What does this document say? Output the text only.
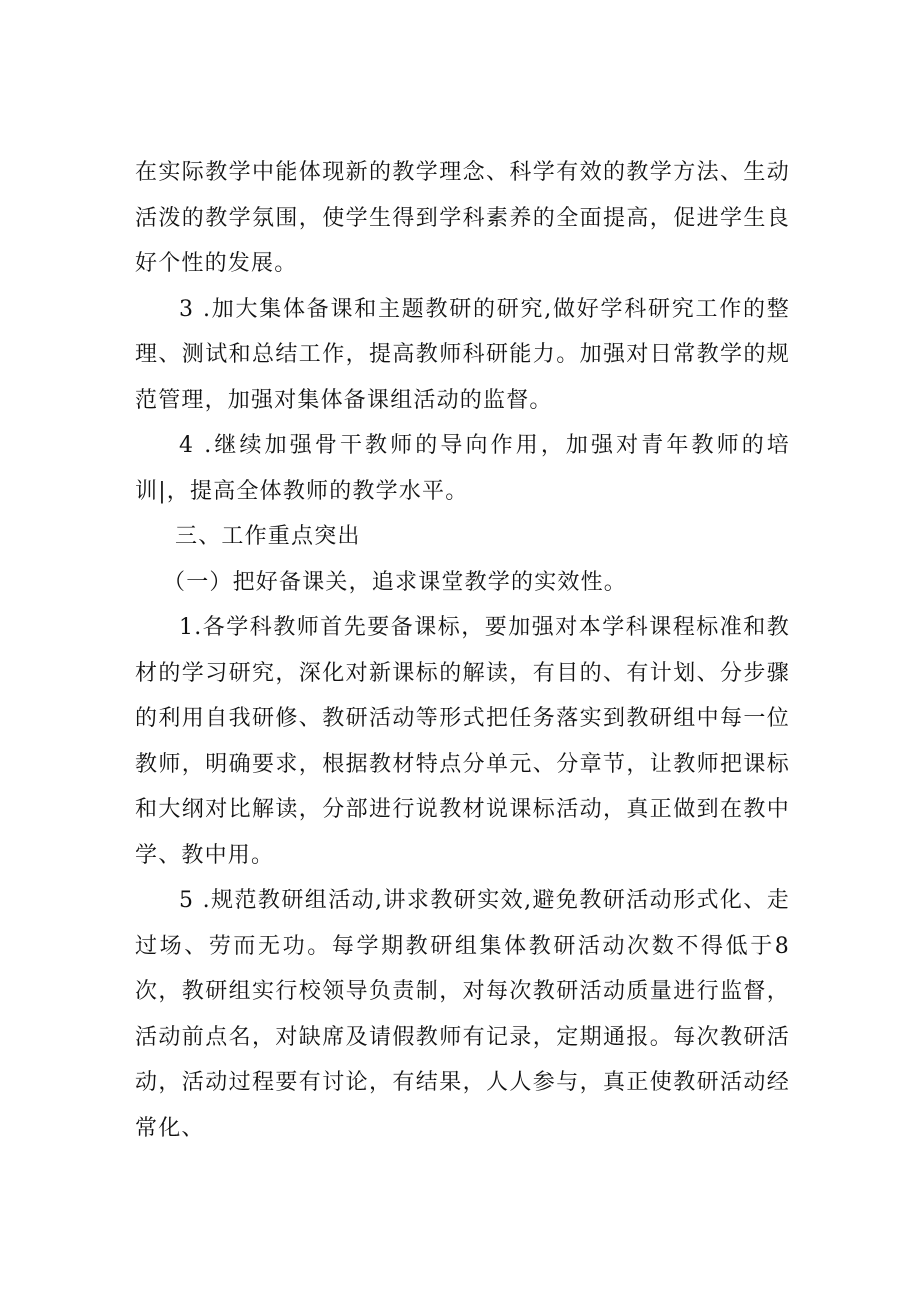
在实际教学中能体现新的教学理念、科学有效的教学方法、生动活泼的教学氛围，使学生得到学科素养的全面提高，促进学生良好个性的发展。

3 .加大集体备课和主题教研的研究,做好学科研究工作的整理、测试和总结工作，提高教师科研能力。加强对日常教学的规范管理，加强对集体备课组活动的监督。

4 .继续加强骨干教师的导向作用，加强对青年教师的培训|，提高全体教师的教学水平。

三、工作重点突出

（一）把好备课关，追求课堂教学的实效性。

1.各学科教师首先要备课标，要加强对本学科课程标准和教材的学习研究，深化对新课标的解读，有目的、有计划、分步骤的利用自我研修、教研活动等形式把任务落实到教研组中每一位教师，明确要求，根据教材特点分单元、分章节，让教师把课标和大纲对比解读，分部进行说教材说课标活动，真正做到在教中学、教中用。

5 .规范教研组活动,讲求教研实效,避免教研活动形式化、走过场、劳而无功。每学期教研组集体教研活动次数不得低于8次，教研组实行校领导负责制，对每次教研活动质量进行监督，活动前点名，对缺席及请假教师有记录，定期通报。每次教研活动，活动过程要有讨论，有结果，人人参与，真正使教研活动经常化、
